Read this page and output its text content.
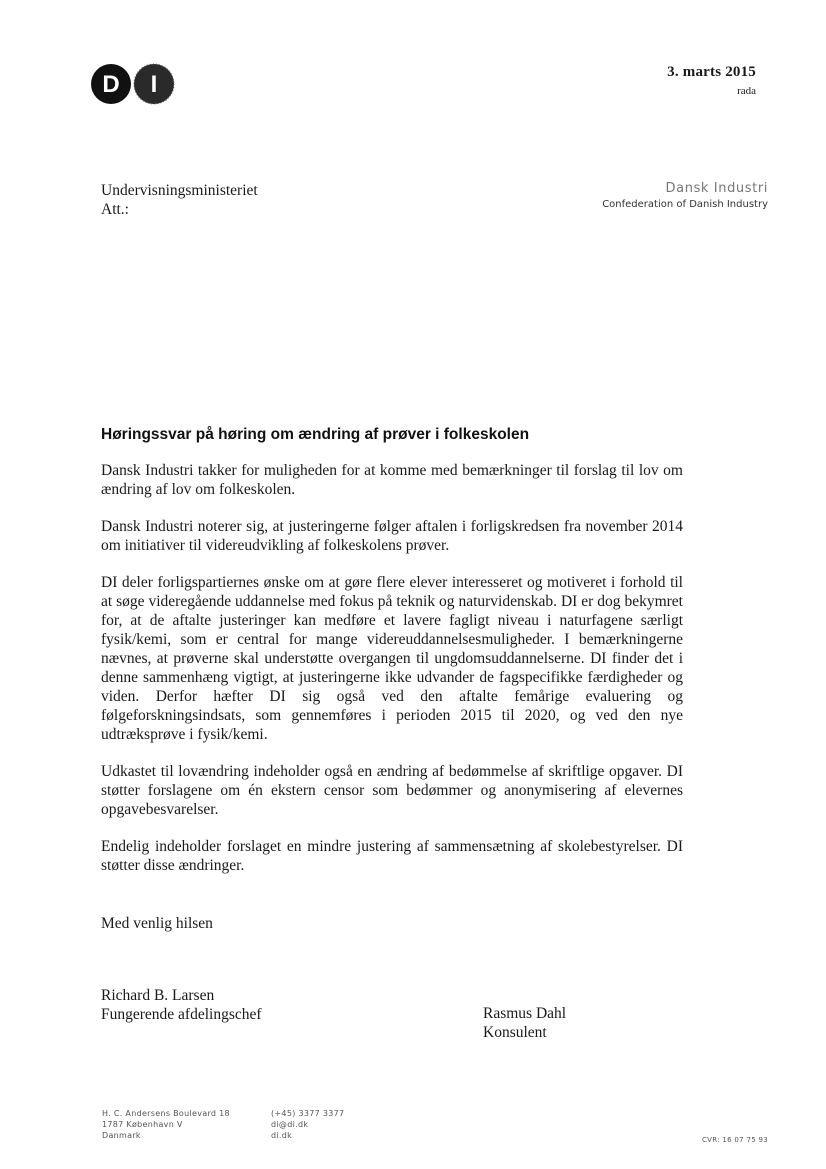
D I	3. marts 2015
rada
Undervisningsministeriet
Att.:
Dansk Industri
Confederation of Danish Industry
Høringssvar på høring om ændring af prøver i folkeskolen

Dansk Industri takker for muligheden for at komme med bemærkninger til forslag til lov om ændring af lov om folkeskolen.

Dansk Industri noterer sig, at justeringerne følger aftalen i forligskredsen fra november 2014 om initiativer til videreudvikling af folkeskolens prøver.

DI deler forligspartiernes ønske om at gøre flere elever interesseret og motiveret i forhold til at søge videregående uddannelse med fokus på teknik og naturvidenskab. DI er dog bekymret for, at de aftalte justeringer kan medføre et lavere fagligt niveau i naturfagene særligt fysik/kemi, som er central for mange videreuddannelsesmuligheder. I bemærkningerne nævnes, at prøverne skal understøtte overgangen til ungdomsuddannelserne. DI finder det i denne sammenhæng vigtigt, at justeringerne ikke udvander de fagspecifikke færdigheder og viden. Derfor hæfter DI sig også ved den aftalte femårige evaluering og følgeforskningsindsats, som gennemføres i perioden 2015 til 2020, og ved den nye udtræksprøve i fysik/kemi.

Udkastet til lovændring indeholder også en ændring af bedømmelse af skriftlige opgaver. DI støtter forslagene om én ekstern censor som bedømmer og anonymisering af elevernes opgavebesvarelser.

Endelig indeholder forslaget en mindre justering af sammensætning af skolebestyrelser. DI støtter disse ændringer.

Med venlig hilsen
Richard B. Larsen
Fungerende afdelingschef	Rasmus Dahl
Konsulent
H. C. Andersens Boulevard 18
1787 København V
Danmark
(+45) 3377 3377
di@di.dk
di.dk	CVR: 16 07 75 93
